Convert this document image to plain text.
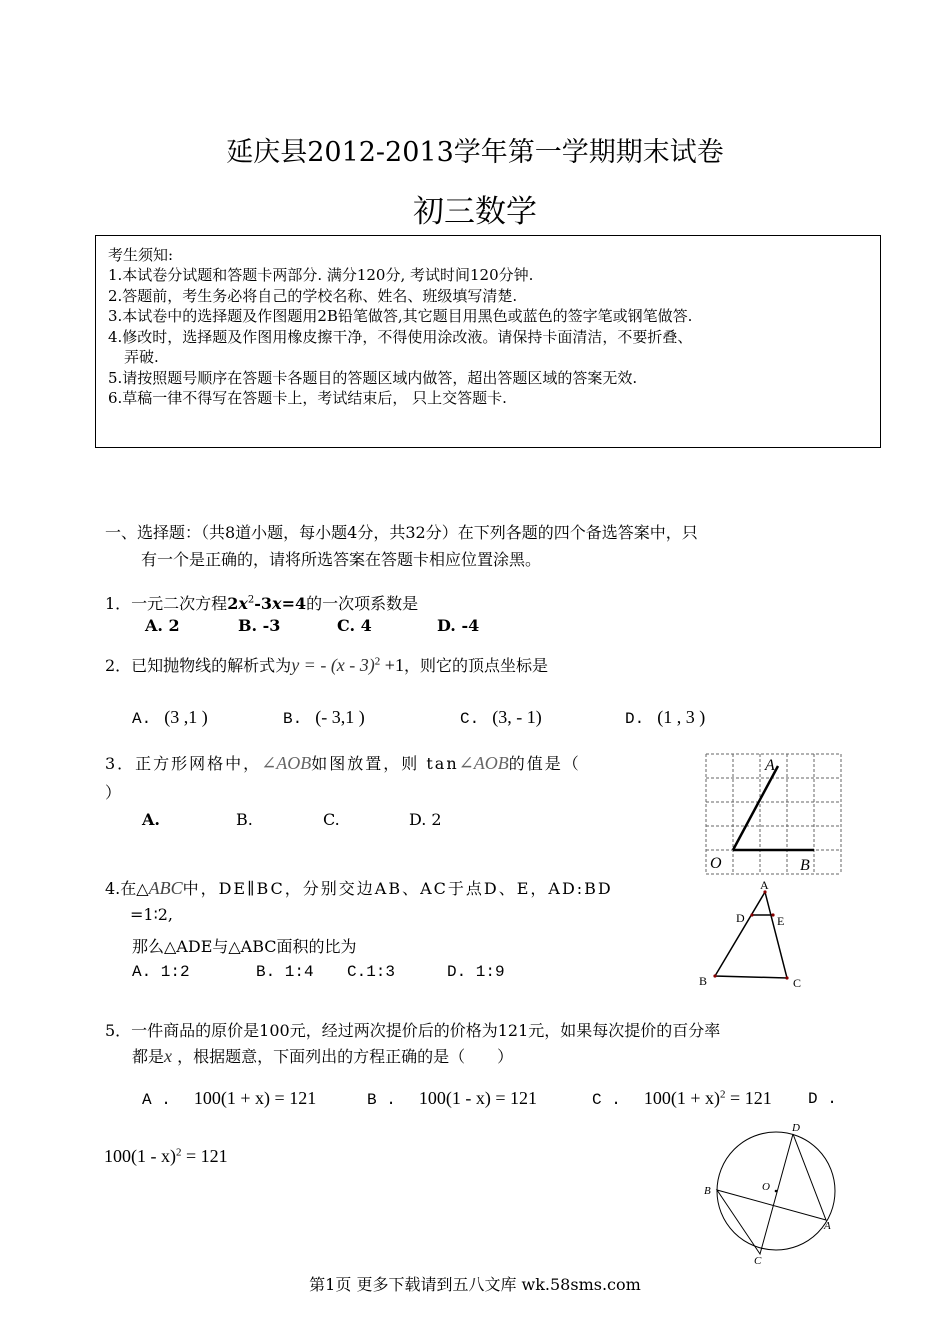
延庆县2012-2013学年第一学期期末试卷
初三数学
考生须知:
1.本试卷分试题和答题卡两部分. 满分120分, 考试时间120分钟.
2.答题前，考生务必将自己的学校名称、姓名、班级填写清楚.
3.本试卷中的选择题及作图题用2B铅笔做答,其它题目用黑色或蓝色的签字笔或钢笔做答.
4.修改时，选择题及作图用橡皮擦干净，不得使用涂改液。请保持卡面清洁，不要折叠、
弄破.
5.请按照题号顺序在答题卡各题目的答题区域内做答，超出答题区域的答案无效.
6.草稿一律不得写在答题卡上，考试结束后， 只上交答题卡.
一、选择题：（共8道小题，每小题4分，共32分）在下列各题的四个备选答案中，只
有一个是正确的，请将所选答案在答题卡相应位置涂黑。
1．一元二次方程$2x^2-3x=4$的一次项系数是
A. 2	B. -3	C. 4	D. -4
2．已知抛物线的解析式为y = - (x - 3)$^2$ +1，则它的顶点坐标是
A. (3 ,1 )	B. (- 3,1 )	C. (3, - 1)	D. (1 , 3 )
3．正方形网格中，∠AOB如图放置，则 tan∠AOB的值是（
）
A.	B.	C.	D. 2
A
O	B
4.在△ABC中，DE∥BC，分别交边AB、AC于点D、E，AD:BD
=1∶2,
那么△ADE与△ABC面积的比为
A. 1:2	B. 1:4 C.1:3	D. 1:9
A
D	E
B	C
5．一件商品的原价是100元，经过两次提价后的价格为121元，如果每次提价的百分率
都是x ，根据题意，下面列出的方程正确的是（　　）
A . 100(1 + x) = 121	B . 100(1 - x) = 121	C . $100(1 + x)^2 = 121$ D .
100(1 - x)$^2$ = 121
D
B	O
A
C
第1页 更多下载请到五八文库 wk.58sms.com
